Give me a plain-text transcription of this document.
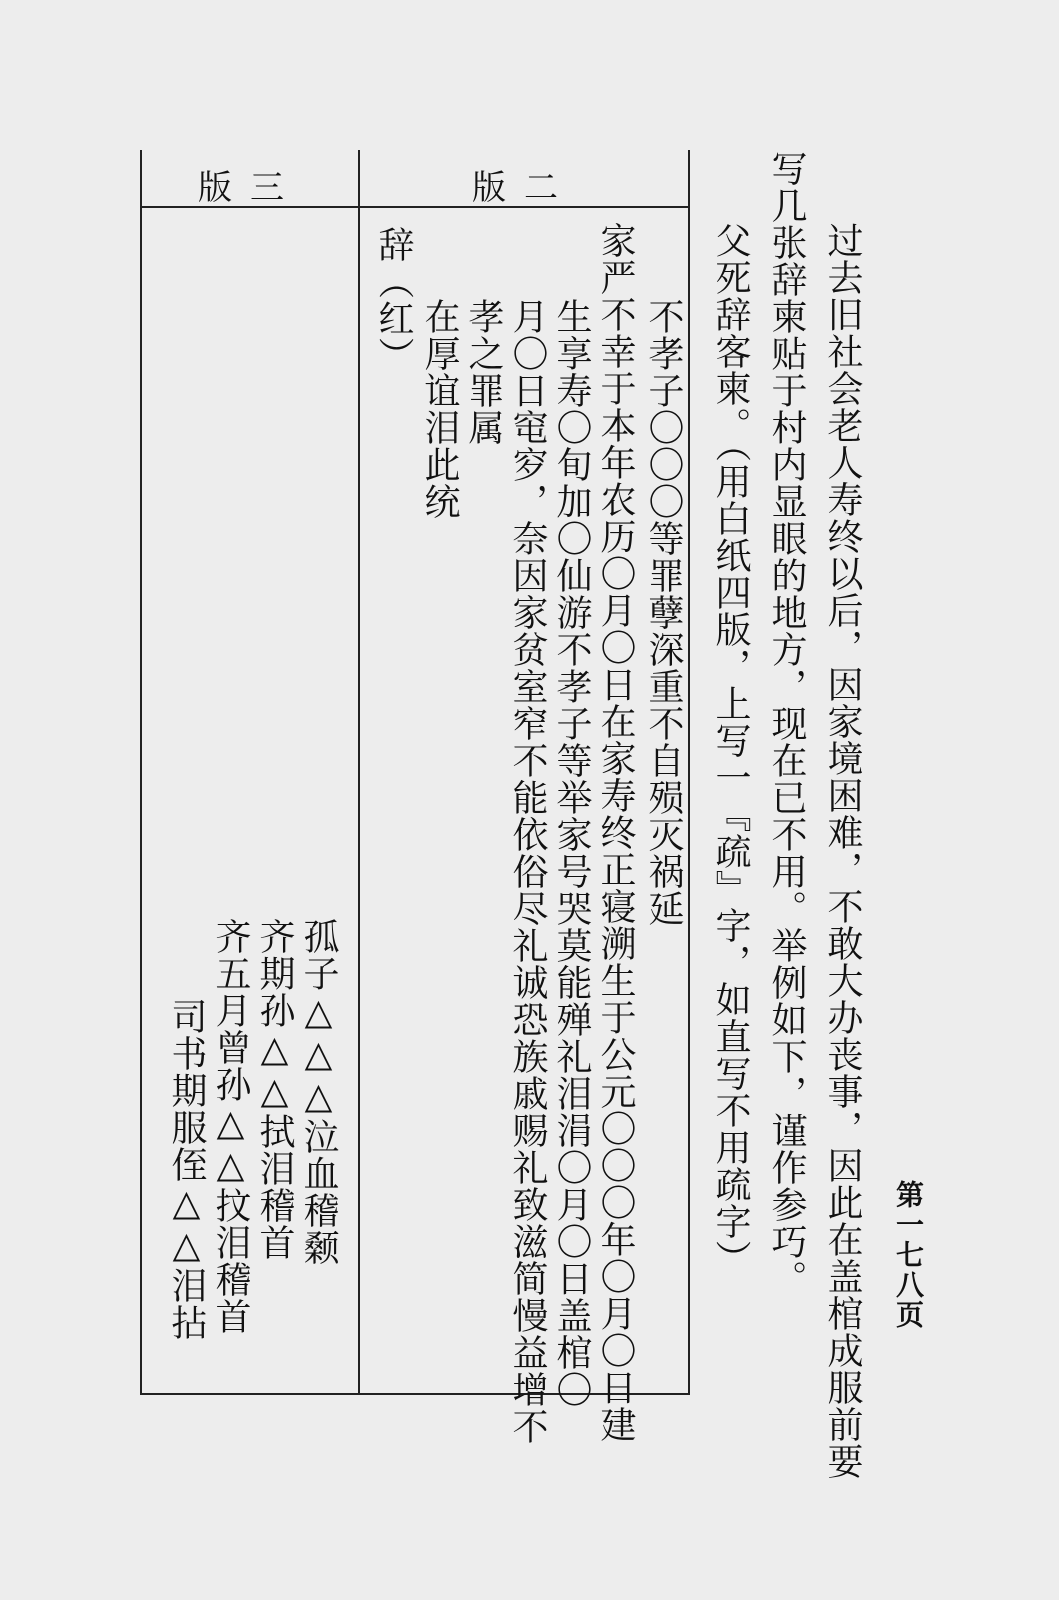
第一七八页
过去旧社会老人寿终以后，因家境困难，不敢大办丧事，因此在盖棺成服前要
写几张辞柬贴于村内显眼的地方，现在已不用。举例如下，谨作参巧。
父死辞客柬。（用白纸四版，上写一『疏』字，如直写不用疏字）
版三	版二
不孝子〇〇〇等罪孽深重不自殒灭祸延
家严不幸于本年农历〇月〇日在家寿终正寝溯生于公元〇〇〇年〇月〇日建
生享寿〇旬加〇仙游不孝子等举家号哭莫能殚礼泪涓〇月〇日盖棺〇
月〇日窀穸，奈因家贫室窄不能依俗尽礼诚恐族戚赐礼致滋简慢益增不
孝之罪属
在厚谊泪此统
辞（红）
孤子△△△泣血稽颡
齐期孙△△拭泪稽首
齐五月曾孙△△抆泪稽首
司书期服侄△△泪拈
